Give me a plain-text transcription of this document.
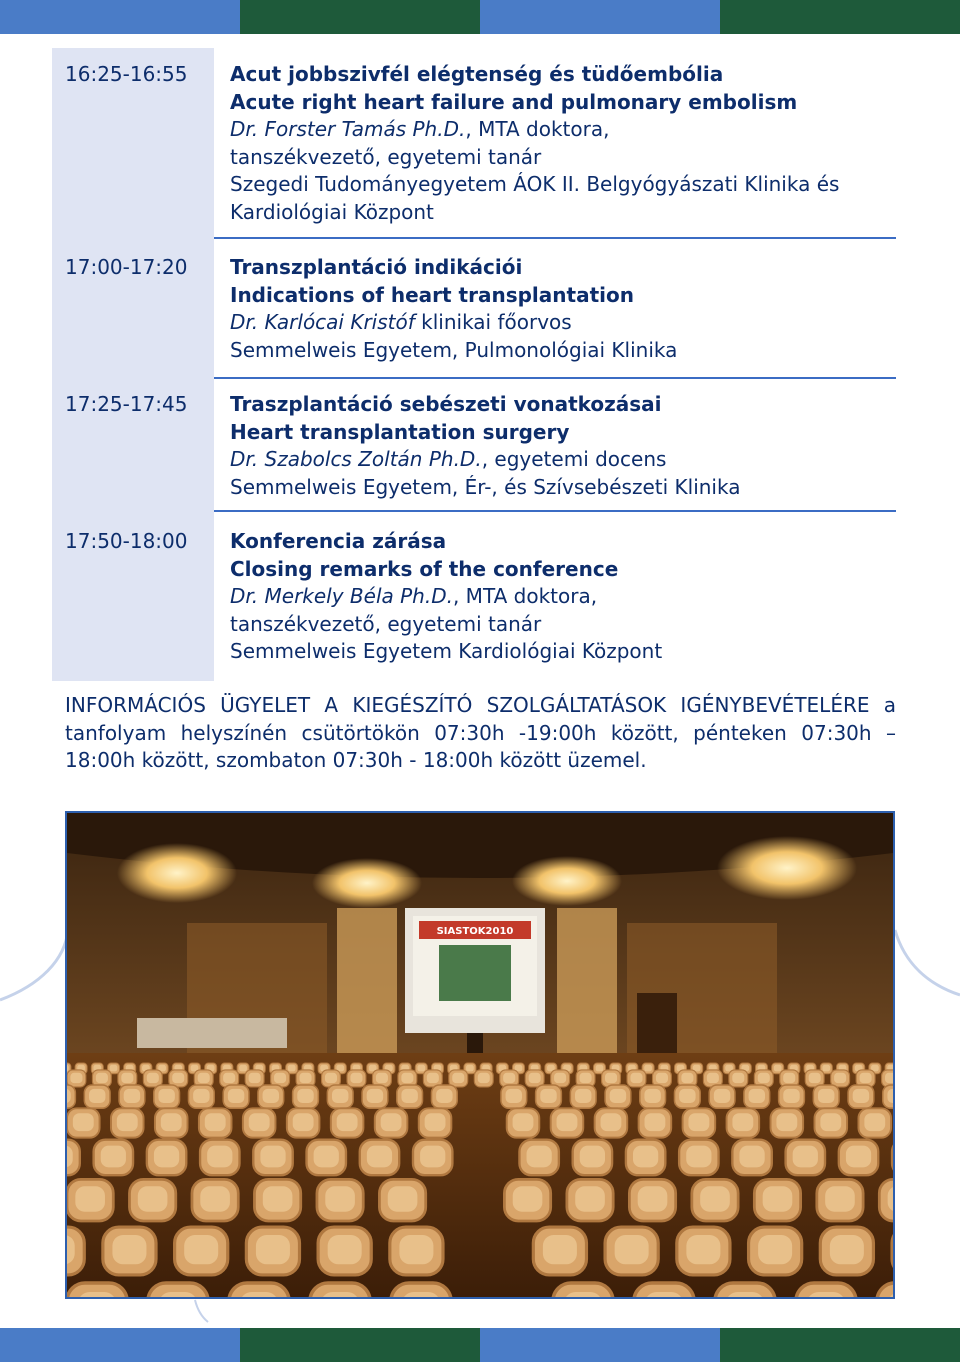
16:25-16:55 Acut jobbszivfél elégtenség és tüdőembólia
Acute right heart failure and pulmonary embolism
Dr. Forster Tamás Ph.D., MTA doktora,
tanszékvezető, egyetemi tanár
Szegedi Tudományegyetem ÁOK II. Belgyógyászati Klinika és
Kardiológiai Központ
17:00-17:20 Transzplantáció indikációi
Indications of heart transplantation
Dr. Karlócai Kristóf klinikai főorvos
Semmelweis Egyetem, Pulmonológiai Klinika
17:25-17:45 Traszplantáció sebészeti vonatkozásai
Heart transplantation surgery
Dr. Szabolcs Zoltán Ph.D., egyetemi docens
Semmelweis Egyetem, Ér-, és Szívsebészeti Klinika
17:50-18:00 Konferencia zárása
Closing remarks of the conference
Dr. Merkely Béla Ph.D., MTA doktora,
tanszékvezető, egyetemi tanár
Semmelweis Egyetem Kardiológiai Központ
INFORMÁCIÓS ÜGYELET A KIEGÉSZÍTÓ SZOLGÁLTATÁSOK IGÉNYBEVÉTELÉRE a tanfolyam helyszínén csütörtökön 07:30h -19:00h között, pénteken 07:30h – 18:00h között, szombaton 07:30h - 18:00h között üzemel.
SIASTOK2010
